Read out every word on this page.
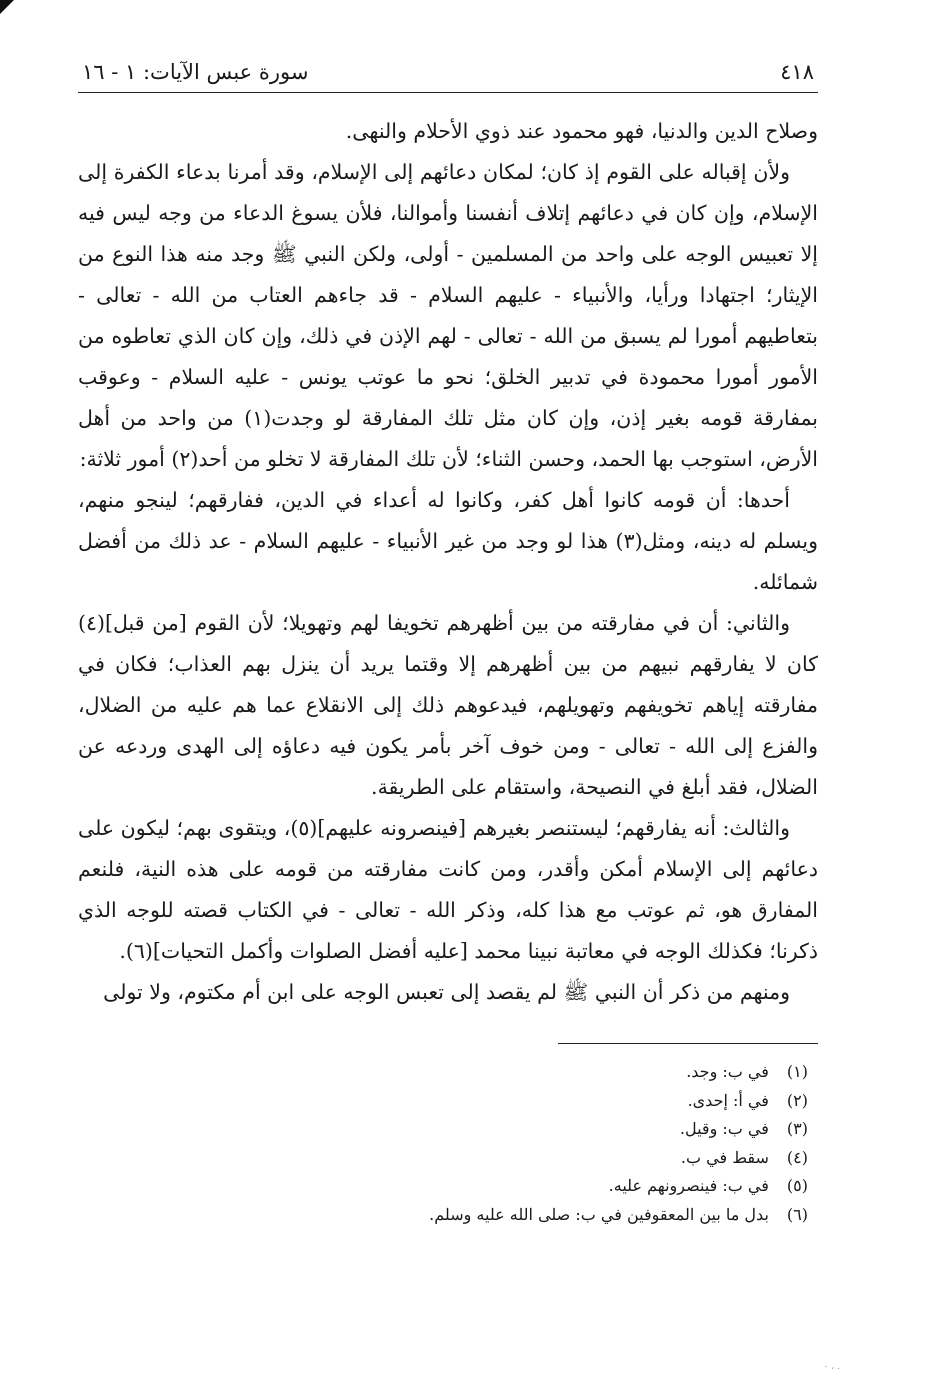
٤١٨
سورة عبس الآيات: ١ - ١٦

وصلاح الدين والدنيا، فهو محمود عند ذوي الأحلام والنهى.

ولأن إقباله على القوم إذ كان؛ لمكان دعائهم إلى الإسلام، وقد أمرنا بدعاء الكفرة إلى الإسلام، وإن كان في دعائهم إتلاف أنفسنا وأموالنا، فلأن يسوغ الدعاء من وجه ليس فيه إلا تعبيس الوجه على واحد من المسلمين - أولى، ولكن النبي ﷺ وجد منه هذا النوع من الإيثار؛ اجتهادا ورأيا، والأنبياء - عليهم السلام - قد جاءهم العتاب من الله - تعالى - بتعاطيهم أمورا لم يسبق من الله - تعالى - لهم الإذن في ذلك، وإن كان الذي تعاطوه من الأمور أمورا محمودة في تدبير الخلق؛ نحو ما عوتب يونس - عليه السلام - وعوقب بمفارقة قومه بغير إذن، وإن كان مثل تلك المفارقة لو وجدت(١) من واحد من أهل الأرض، استوجب بها الحمد، وحسن الثناء؛ لأن تلك المفارقة لا تخلو من أحد(٢) أمور ثلاثة:

أحدها: أن قومه كانوا أهل كفر، وكانوا له أعداء في الدين، ففارقهم؛ لينجو منهم، ويسلم له دينه، ومثل(٣) هذا لو وجد من غير الأنبياء - عليهم السلام - عد ذلك من أفضل شمائله.

والثاني: أن في مفارقته من بين أظهرهم تخويفا لهم وتهويلا؛ لأن القوم [من قبل](٤) كان لا يفارقهم نبيهم من بين أظهرهم إلا وقتما يريد أن ينزل بهم العذاب؛ فكان في مفارقته إياهم تخويفهم وتهويلهم، فيدعوهم ذلك إلى الانقلاع عما هم عليه من الضلال، والفزع إلى الله - تعالى - ومن خوف آخر بأمر يكون فيه دعاؤه إلى الهدى وردعه عن الضلال، فقد أبلغ في النصيحة، واستقام على الطريقة.

والثالث: أنه يفارقهم؛ ليستنصر بغيرهم [فينصرونه عليهم](٥)، ويتقوى بهم؛ ليكون على دعائهم إلى الإسلام أمكن وأقدر، ومن كانت مفارقته من قومه على هذه النية، فلنعم المفارق هو، ثم عوتب مع هذا كله، وذكر الله - تعالى - في الكتاب قصته للوجه الذي ذكرنا؛ فكذلك الوجه في معاتبة نبينا محمد [عليه أفضل الصلوات وأكمل التحيات](٦).

ومنهم من ذكر أن النبي ﷺ لم يقصد إلى تعبس الوجه على ابن أم مكتوم، ولا تولى

(١) في ب: وجد.
(٢) في أ: إحدى.
(٣) في ب: وقيل.
(٤) سقط في ب.
(٥) في ب: فينصرونهم عليه.
(٦) بدل ما بين المعقوفين في ب: صلى الله عليه وسلم.
٠ ، .
